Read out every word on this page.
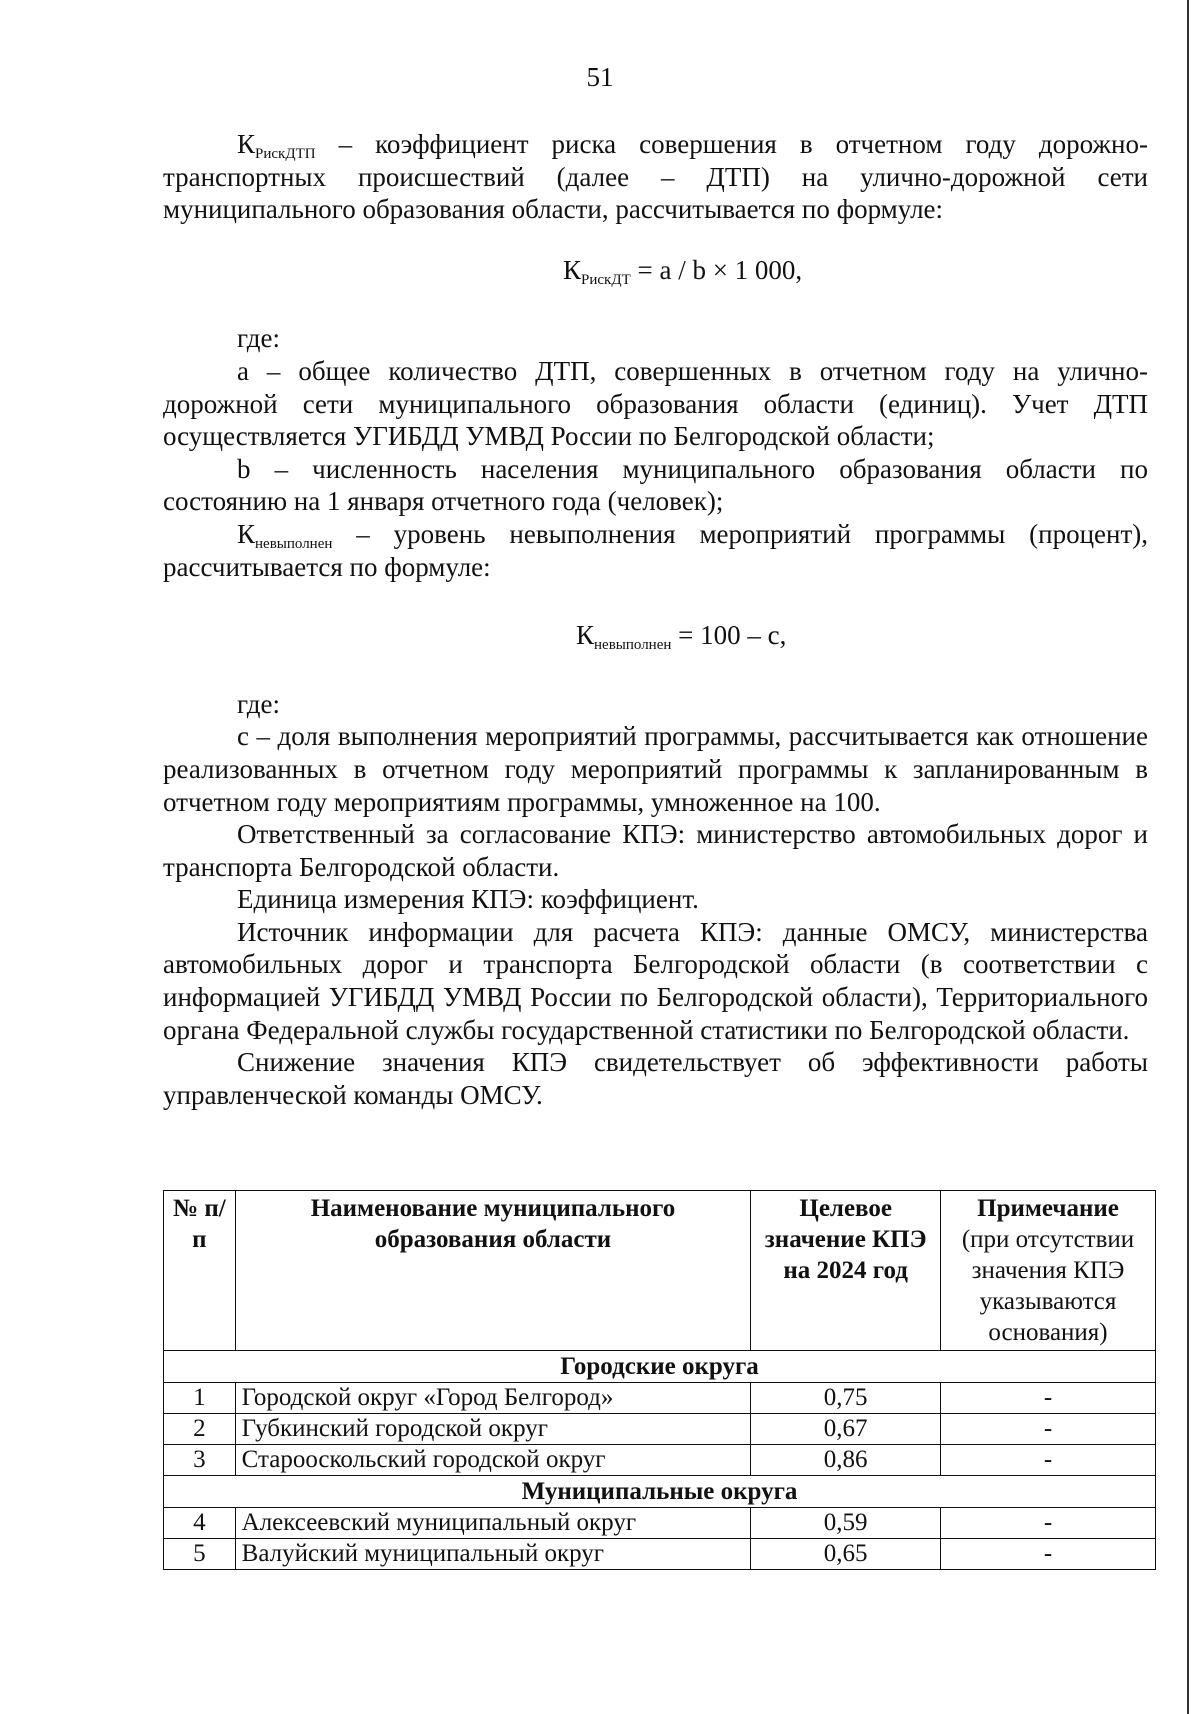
51

$К_{РискДТП}$ – коэффициент риска совершения в отчетном году дорожно-транспортных происшествий (далее – ДТП) на улично-дорожной сети муниципального образования области, рассчитывается по формуле:

$К_{РискДТ} = a / b \times 1$ 000,
где:

а – общее количество ДТП, совершенных в отчетном году на улично-дорожной сети муниципального образования области (единиц). Учет ДТП осуществляется УГИБДД УМВД России по Белгородской области;

b – численность населения муниципального образования области по состоянию на 1 января отчетного года (человек);

$К_{невыполнен}$ – уровень невыполнения мероприятий программы (процент), рассчитывается по формуле:

$К_{невыполнен} = 100 - с$,
где:

с – доля выполнения мероприятий программы, рассчитывается как отношение реализованных в отчетном году мероприятий программы к запланированным в отчетном году мероприятиям программы, умноженное на 100.

Ответственный за согласование КПЭ: министерство автомобильных дорог и транспорта Белгородской области.

Единица измерения КПЭ: коэффициент.

Источник информации для расчета КПЭ: данные ОМСУ, министерства автомобильных дорог и транспорта Белгородской области (в соответствии с информацией УГИБДД УМВД России по Белгородской области), Территориального органа Федеральной службы государственной статистики по Белгородской области.

Снижение значения КПЭ свидетельствует об эффективности работы управленческой команды ОМСУ.

№ п/п	Наименование муниципального образования области	Целевое значение КПЭ на 2024 год	Примечание
(при отсутствии значения КПЭ указываются основания)
Городские округа			
1	Городской округ «Город Белгород»	0,75	-
2	Губкинский городской округ	0,67	-
3	Старооскольский городской округ	0,86	-
Муниципальные округа			
4	Алексеевский муниципальный округ	0,59	-
5	Валуйский муниципальный округ	0,65	-
